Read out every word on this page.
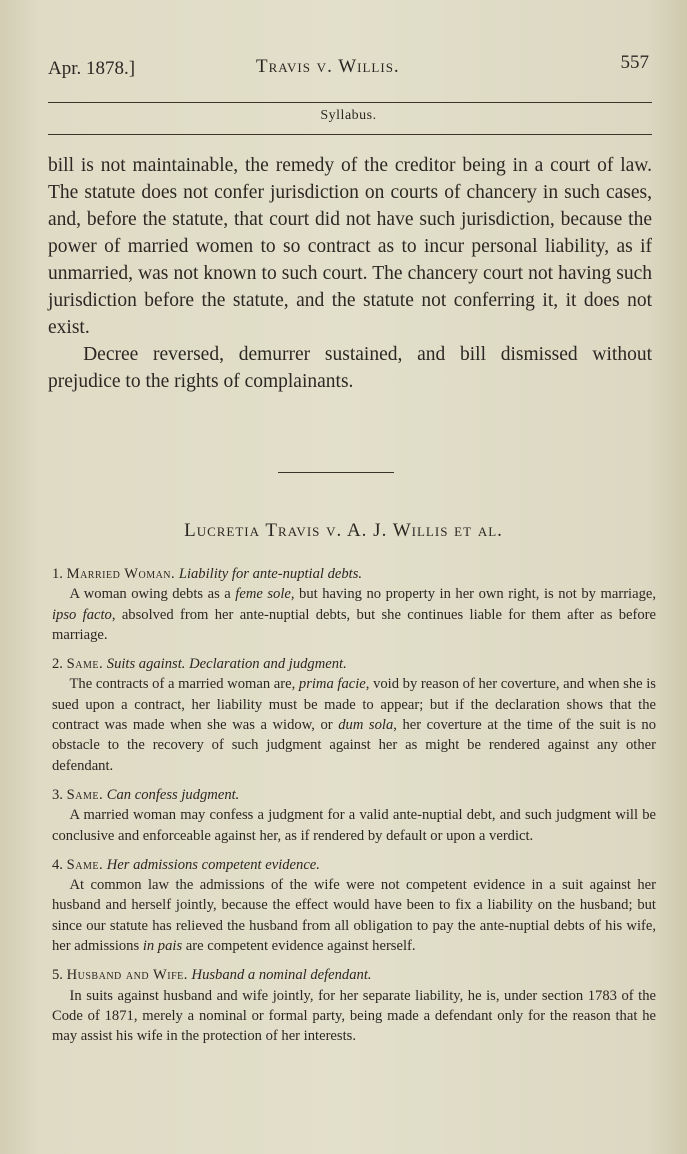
Apr. 1878.]	Travis v. Willis.	557
Syllabus.

bill is not maintainable, the remedy of the creditor being in a court of law. The statute does not confer jurisdiction on courts of chancery in such cases, and, before the statute, that court did not have such jurisdiction, because the power of married women to so contract as to incur personal liability, as if unmarried, was not known to such court. The chancery court not having such jurisdiction before the statute, and the statute not conferring it, it does not exist.

Decree reversed, demurrer sustained, and bill dismissed without prejudice to the rights of complainants.

Lucretia Travis v. A. J. Willis et al.

1. Married Woman. Liability for ante-nuptial debts.

A woman owing debts as a feme sole, but having no property in her own right, is not by marriage, ipso facto, absolved from her ante-nuptial debts, but she continues liable for them after as before marriage.

2. Same. Suits against. Declaration and judgment.

The contracts of a married woman are, prima facie, void by reason of her coverture, and when she is sued upon a contract, her liability must be made to appear; but if the declaration shows that the contract was made when she was a widow, or dum sola, her coverture at the time of the suit is no obstacle to the recovery of such judgment against her as might be rendered against any other defendant.

3. Same. Can confess judgment.

A married woman may confess a judgment for a valid ante-nuptial debt, and such judgment will be conclusive and enforceable against her, as if rendered by default or upon a verdict.

4. Same. Her admissions competent evidence.

At common law the admissions of the wife were not competent evidence in a suit against her husband and herself jointly, because the effect would have been to fix a liability on the husband; but since our statute has relieved the husband from all obligation to pay the ante-nuptial debts of his wife, her admissions in pais are competent evidence against herself.

5. Husband and Wife. Husband a nominal defendant.

In suits against husband and wife jointly, for her separate liability, he is, under section 1783 of the Code of 1871, merely a nominal or formal party, being made a defendant only for the reason that he may assist his wife in the protection of her interests.
